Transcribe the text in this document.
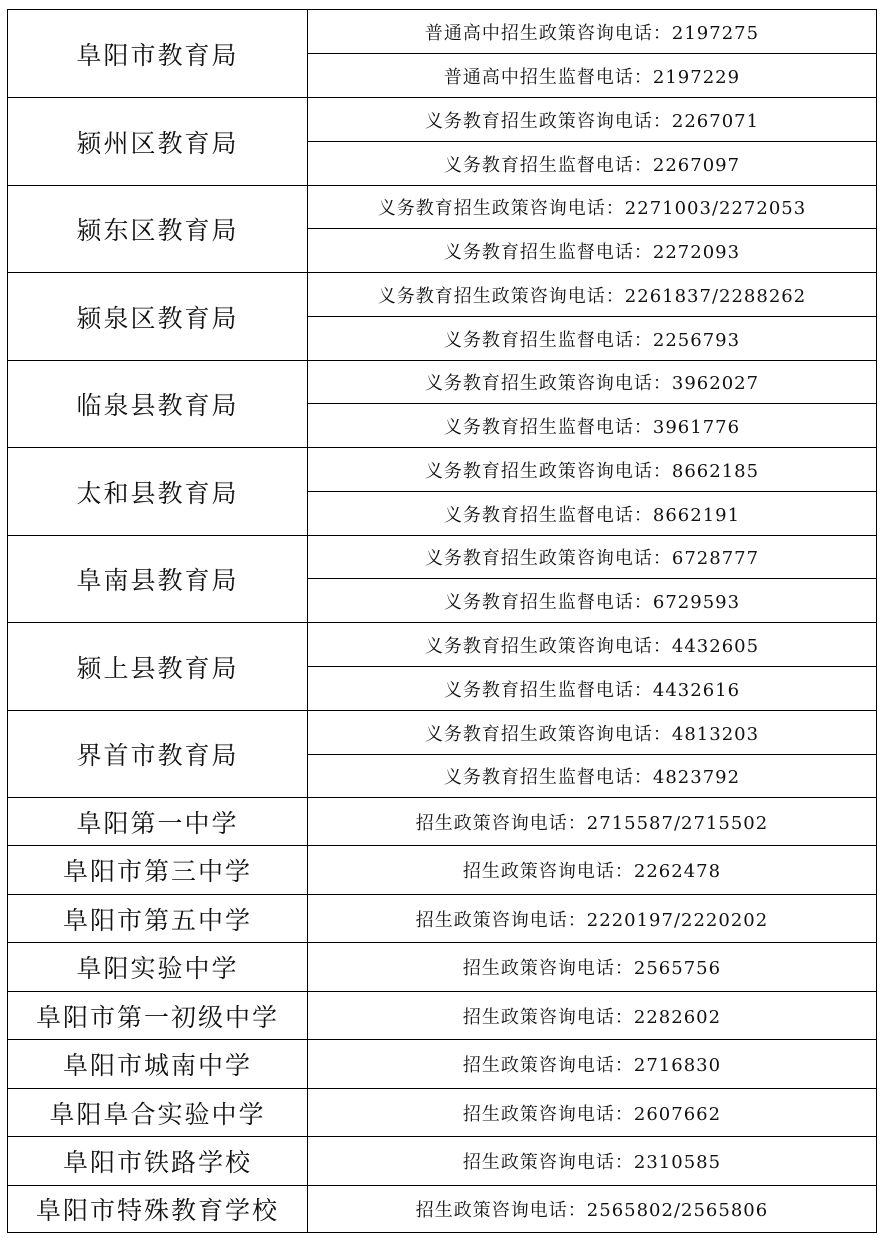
阜阳市教育局	普通高中招生政策咨询电话：2197275
	普通高中招生监督电话：2197229
颍州区教育局	义务教育招生政策咨询电话：2267071
	义务教育招生监督电话：2267097
颍东区教育局	义务教育招生政策咨询电话：2271003/2272053
	义务教育招生监督电话：2272093
颍泉区教育局	义务教育招生政策咨询电话：2261837/2288262
	义务教育招生监督电话：2256793
临泉县教育局	义务教育招生政策咨询电话：3962027
	义务教育招生监督电话：3961776
太和县教育局	义务教育招生政策咨询电话：8662185
	义务教育招生监督电话：8662191
阜南县教育局	义务教育招生政策咨询电话：6728777
	义务教育招生监督电话：6729593
颍上县教育局	义务教育招生政策咨询电话：4432605
	义务教育招生监督电话：4432616
界首市教育局	义务教育招生政策咨询电话：4813203
	义务教育招生监督电话：4823792
阜阳第一中学	招生政策咨询电话：2715587/2715502
阜阳市第三中学	招生政策咨询电话：2262478
阜阳市第五中学	招生政策咨询电话：2220197/2220202
阜阳实验中学	招生政策咨询电话：2565756
阜阳市第一初级中学	招生政策咨询电话：2282602
阜阳市城南中学	招生政策咨询电话：2716830
阜阳阜合实验中学	招生政策咨询电话：2607662
阜阳市铁路学校	招生政策咨询电话：2310585
阜阳市特殊教育学校	招生政策咨询电话：2565802/2565806
